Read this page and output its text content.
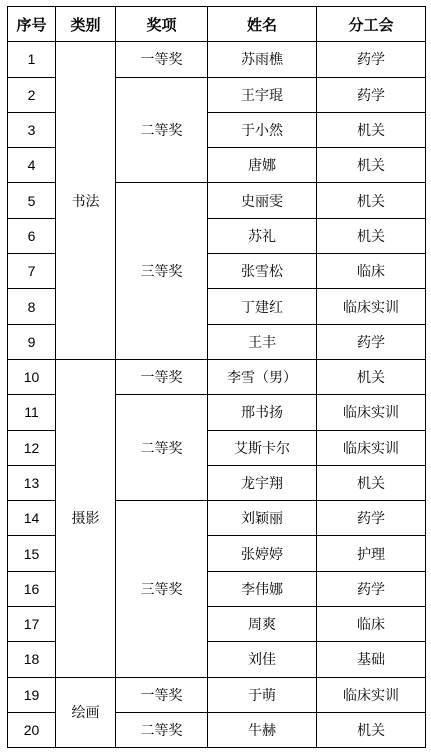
序号	类别	奖项	姓名	分工会
1	书法	一等奖	苏雨樵	药学
2		二等奖	王宇琨	药学
3			于小然	机关
4			唐娜	机关
5		三等奖	史丽雯	机关
6			苏礼	机关
7			张雪松	临床
8			丁建红	临床实训
9			王丰	药学
10	摄影	一等奖	李雪（男）	机关
11		二等奖	邢书扬	临床实训
12			艾斯卡尔	临床实训
13			龙宇翔	机关
14		三等奖	刘颖丽	药学
15			张婷婷	护理
16			李伟娜	药学
17			周爽	临床
18			刘佳	基础
19	绘画	一等奖	于萌	临床实训
20		二等奖	牛赫	机关
